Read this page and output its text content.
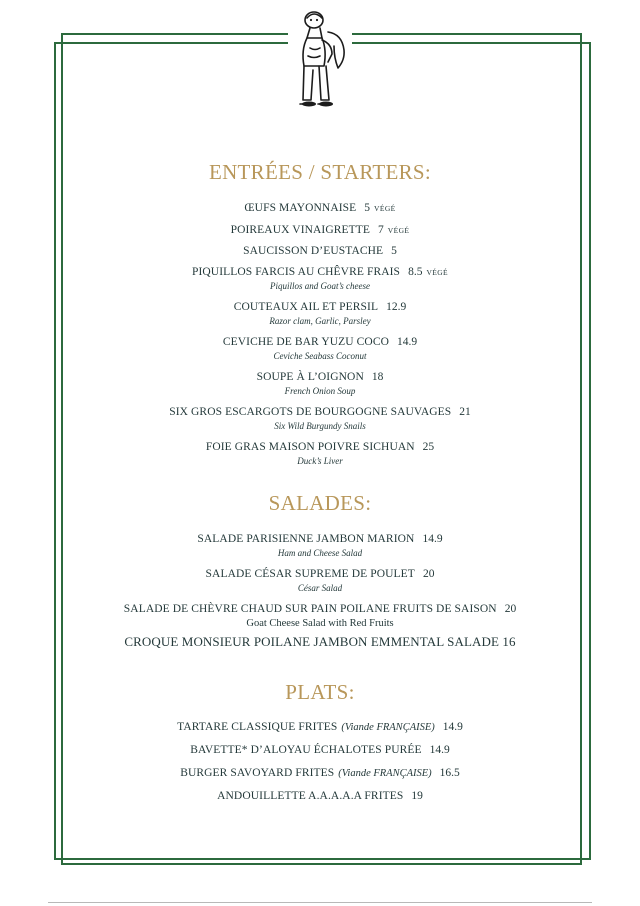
ENTRÉES / STARTERS:
ŒUFS MAYONNAISE 5 VÉGÉ
POIREAUX VINAIGRETTE 7 VÉGÉ
SAUCISSON D’EUSTACHE 5
PIQUILLOS FARCIS AU CHÊVRE FRAIS 8.5 VÉGÉ
Piquillos and Goat’s cheese
COUTEAUX AIL ET PERSIL 12.9
Razor clam, Garlic, Parsley
CEVICHE DE BAR YUZU COCO 14.9
Ceviche Seabass Coconut
SOUPE À L’OIGNON 18
French Onion Soup
SIX GROS ESCARGOTS DE BOURGOGNE SAUVAGES 21
Six Wild Burgundy Snails
FOIE GRAS MAISON POIVRE SICHUAN 25
Duck’s Liver
SALADES:
SALADE PARISIENNE JAMBON MARION 14.9
Ham and Cheese Salad
SALADE CÉSAR SUPREME DE POULET 20
César Salad
SALADE DE CHÈVRE CHAUD SUR PAIN POILANE FRUITS DE SAISON 20
Goat Cheese Salad with Red Fruits
CROQUE MONSIEUR POILANE JAMBON EMMENTAL SALADE 16
PLATS:
TARTARE CLASSIQUE FRITES (Viande FRANÇAISE) 14.9
BAVETTE* D’ALOYAU ÉCHALOTES PURÉE 14.9
BURGER SAVOYARD FRITES (Viande FRANÇAISE) 16.5
ANDOUILLETTE A.A.A.A.A FRITES 19
